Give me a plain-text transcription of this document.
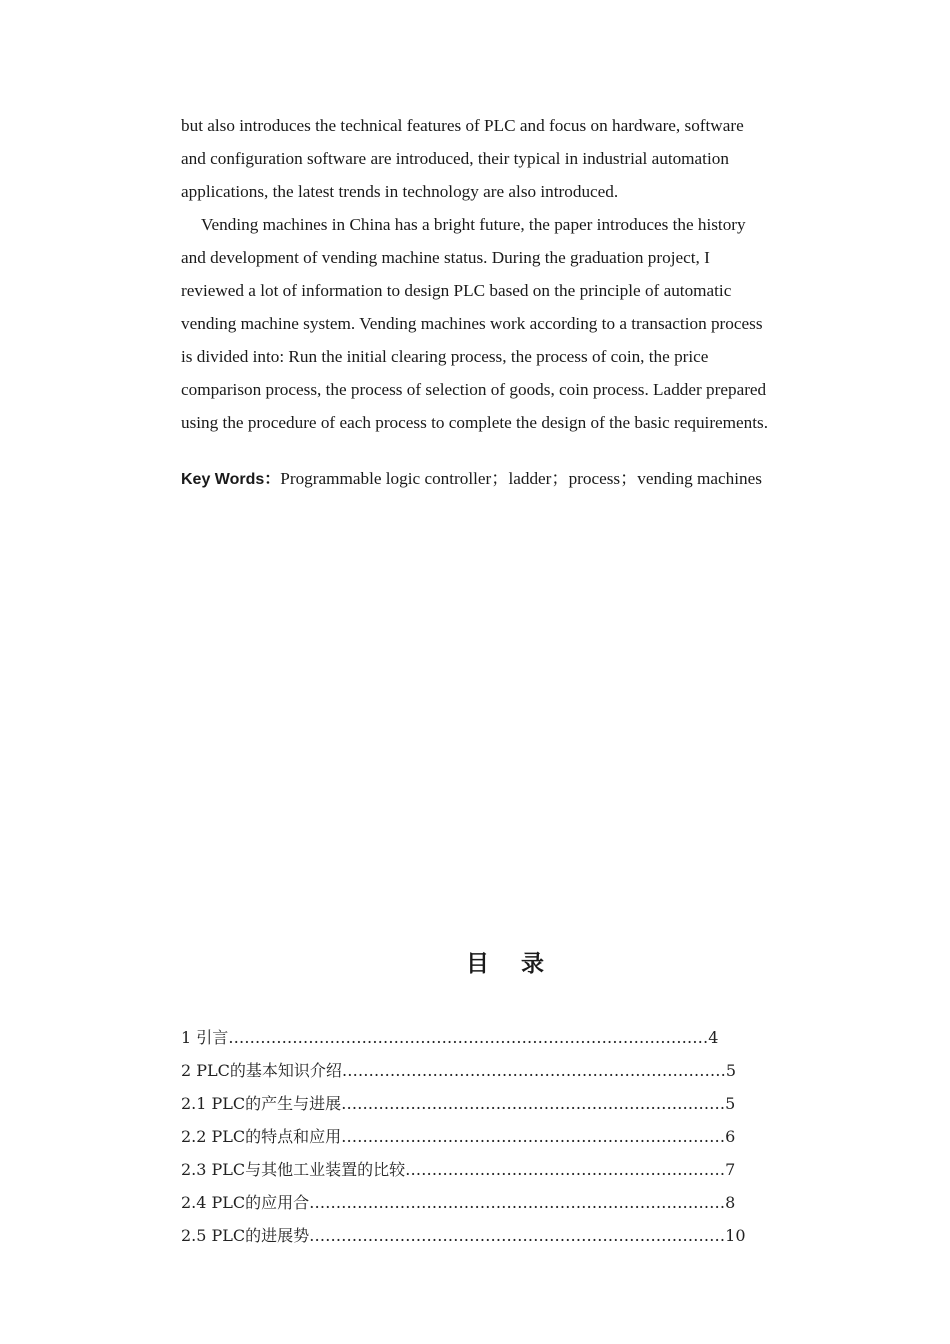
but also introduces the technical features of PLC and focus on hardware, software
and configuration software are introduced, their typical in industrial automation
applications, the latest trends in technology are also introduced.
Vending machines in China has a bright future, the paper introduces the history
and development of vending machine status. During the graduation project, I
reviewed a lot of information to design PLC based on the principle of automatic
vending machine system. Vending machines work according to a transaction process
is divided into: Run the initial clearing process, the process of coin, the price
comparison process, the process of selection of goods, coin process. Ladder prepared
using the procedure of each process to complete the design of the basic requirements.
Key Words：Programmable logic controller；ladder；process；vending machines
目 录
1 引言………………………………………………………………………………4
2 PLC的基本知识介绍………………………………………………………………5
2.1 PLC的产生与进展………………………………………………………………5
2.2 PLC的特点和应用………………………………………………………………6
2.3 PLC与其他工业装置的比较……………………………………………………7
2.4 PLC的应用合……………………………………………………………………8
2.5 PLC的进展势……………………………………………………………………10
